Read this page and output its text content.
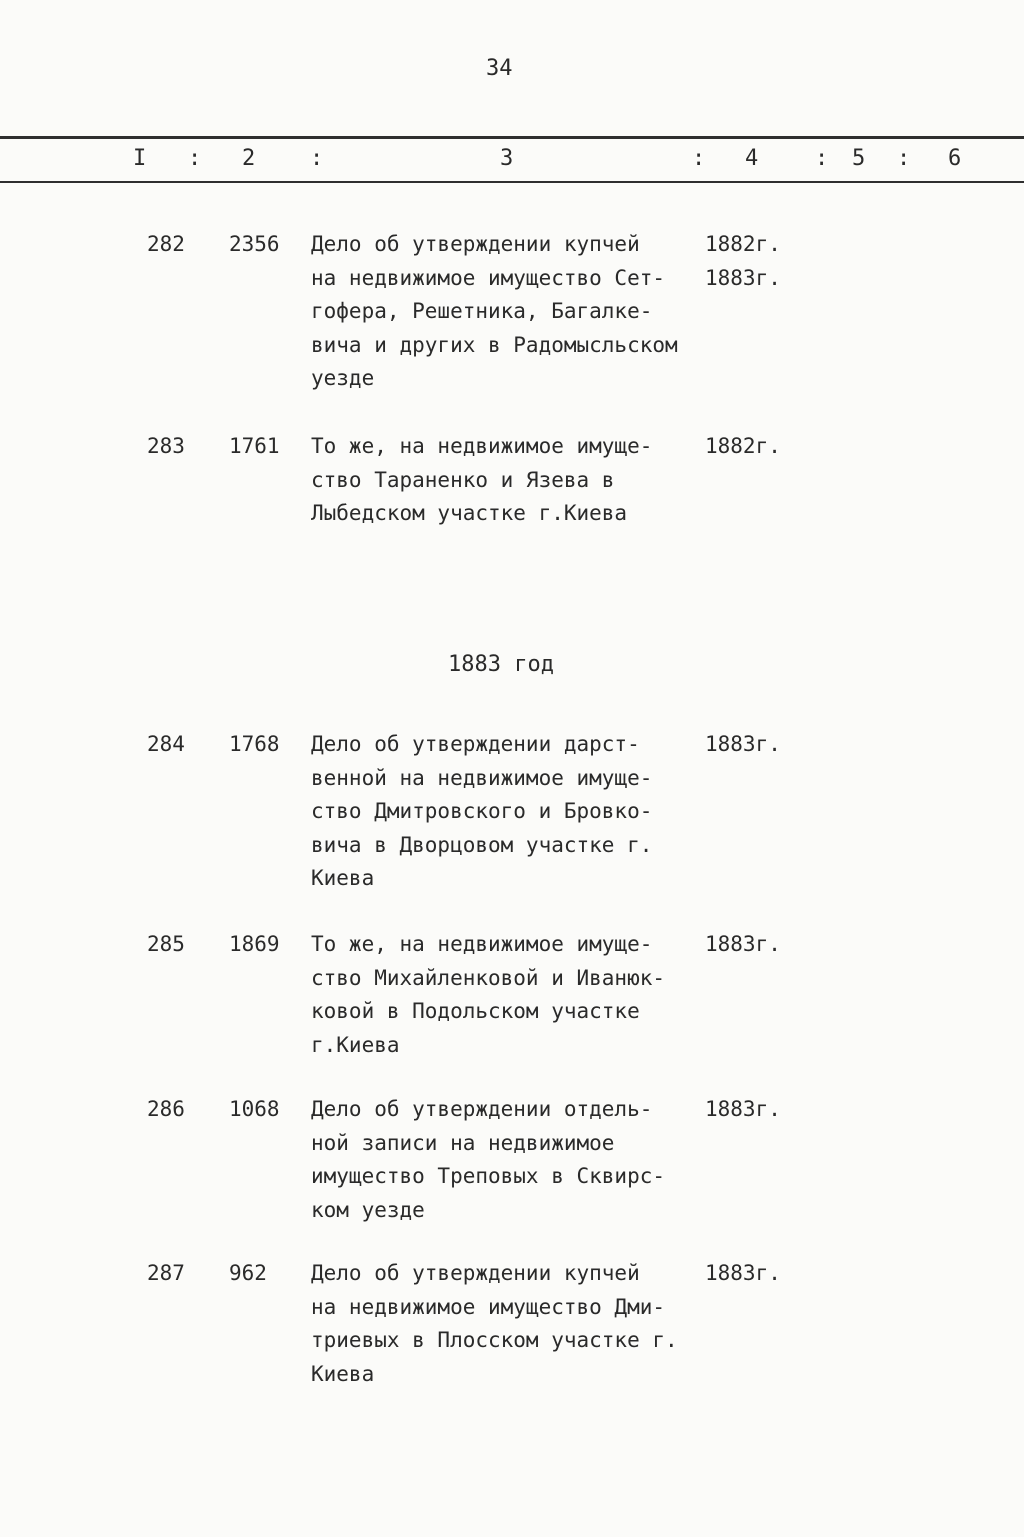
34
I : 2 :	3	: 4	: 5 : 6
282 2356 Дело об утверждении купчей
на недвижимое имущество Сет-
гофера, Решетника, Багалке-
вича и других в Радомысльском
уезде
1882г.
1883г.
283 1761 То же, на недвижимое имуще-
ство Тараненко и Язева в
Лыбедском участке г.Киева
1882г.
1883 год
284 1768 Дело об утверждении дарст-
венной на недвижимое имуще-
ство Дмитровского и Бровко-
вича в Дворцовом участке г.
Киева
1883г.
285 1869 То же, на недвижимое имуще-
ство Михайленковой и Иванюк-
ковой в Подольском участке
г.Киева
1883г.
286 1068 Дело об утверждении отдель-
ной записи на недвижимое
имущество Треповых в Сквирс-
ком уезде
1883г.
287 962 Дело об утверждении купчей
на недвижимое имущество Дми-
триевых в Плосском участке г.
Киева
1883г.
